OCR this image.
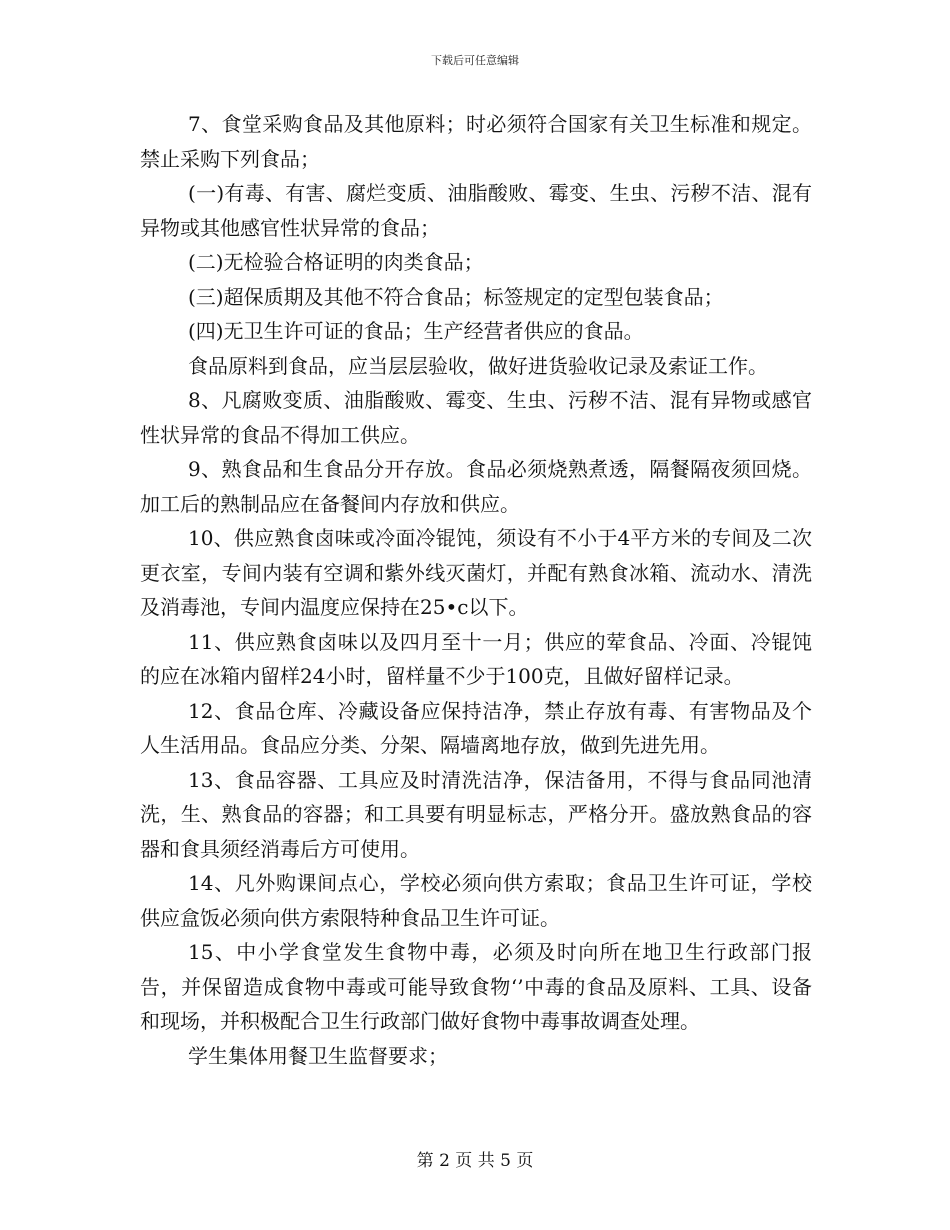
下载后可任意编辑

7、食堂采购食品及其他原料；时必须符合国家有关卫生标准和规定。禁止采购下列食品；

(一)有毒、有害、腐烂变质、油脂酸败、霉变、生虫、污秽不洁、混有异物或其他感官性状异常的食品；

(二)无检验合格证明的肉类食品；

(三)超保质期及其他不符合食品；标签规定的定型包装食品；

(四)无卫生许可证的食品；生产经营者供应的食品。

食品原料到食品，应当层层验收，做好进货验收记录及索证工作。

8、凡腐败变质、油脂酸败、霉变、生虫、污秽不洁、混有异物或感官性状异常的食品不得加工供应。

9、熟食品和生食品分开存放。食品必须烧熟煮透，隔餐隔夜须回烧。加工后的熟制品应在备餐间内存放和供应。

10、供应熟食卤味或冷面冷锟饨，须设有不小于4平方米的专间及二次更衣室，专间内装有空调和紫外线灭菌灯，并配有熟食冰箱、流动水、清洗及消毒池，专间内温度应保持在25•c以下。

11、供应熟食卤味以及四月至十一月；供应的荤食品、冷面、冷锟饨的应在冰箱内留样24小时，留样量不少于100克，且做好留样记录。

12、食品仓库、冷藏设备应保持洁净，禁止存放有毒、有害物品及个人生活用品。食品应分类、分架、隔墙离地存放，做到先进先用。

13、食品容器、工具应及时清洗洁净，保洁备用，不得与食品同池清洗，生、熟食品的容器；和工具要有明显标志，严格分开。盛放熟食品的容器和食具须经消毒后方可使用。

14、凡外购课间点心，学校必须向供方索取；食品卫生许可证，学校供应盒饭必须向供方索限特种食品卫生许可证。

15、中小学食堂发生食物中毒，必须及时向所在地卫生行政部门报告，并保留造成食物中毒或可能导致食物‘’中毒的食品及原料、工具、设备和现场，并积极配合卫生行政部门做好食物中毒事故调查处理。

学生集体用餐卫生监督要求；

第 2 页 共 5 页
